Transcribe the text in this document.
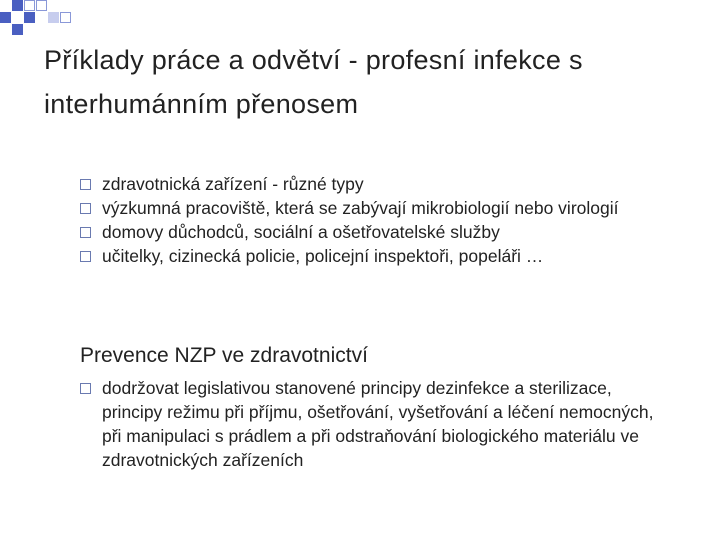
Příklady práce a odvětví - profesní infekce s interhumánním přenosem
zdravotnická zařízení - různé typy
výzkumná pracoviště, která se zabývají mikrobiologií nebo virologií
domovy důchodců, sociální a ošetřovatelské služby
učitelky, cizinecká policie, policejní inspektoři, popeláři …
Prevence NZP ve zdravotnictví
dodržovat legislativou stanovené principy dezinfekce a sterilizace, principy režimu při příjmu, ošetřování, vyšetřování a léčení nemocných, při manipulaci s prádlem a při odstraňování biologického materiálu ve zdravotnických zařízeních
